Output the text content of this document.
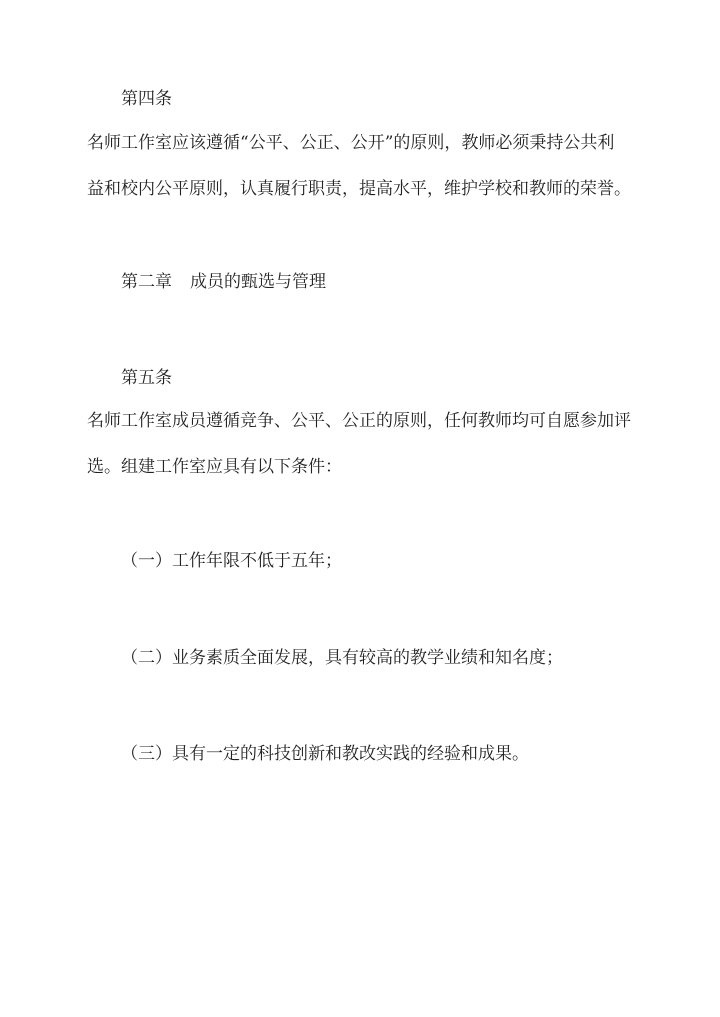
第四条

名师工作室应该遵循“公平、公正、公开”的原则，教师必须秉持公共利

益和校内公平原则，认真履行职责，提高水平，维护学校和教师的荣誉。

第二章 成员的甄选与管理

第五条

名师工作室成员遵循竞争、公平、公正的原则，任何教师均可自愿参加评

选。组建工作室应具有以下条件：

（一）工作年限不低于五年；

（二）业务素质全面发展，具有较高的教学业绩和知名度；

（三）具有一定的科技创新和教改实践的经验和成果。
